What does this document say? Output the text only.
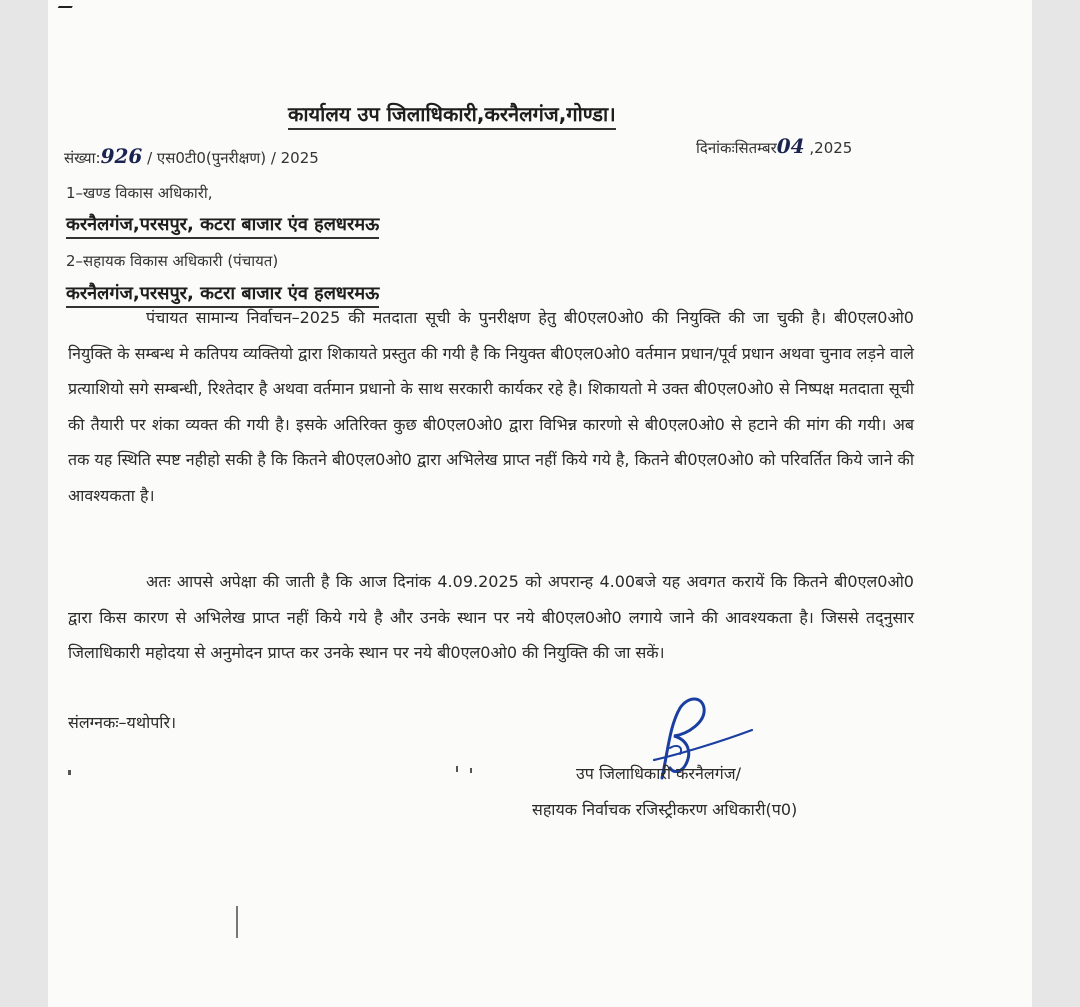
कार्यालय उप जिलाधिकारी,करनैलगंज,गोण्डा।
संख्या:926 / एस0टी0(पुनरीक्षण) / 2025
दिनांकःसितम्बर04 ,2025
1–खण्ड विकास अधिकारी,
करनैलगंज,परसपुर, कटरा बाजार एंव हलधरमऊ
2–सहायक विकास अधिकारी (पंचायत)
करनैलगंज,परसपुर, कटरा बाजार एंव हलधरमऊ

पंचायत सामान्य निर्वाचन–2025 की मतदाता सूची के पुनरीक्षण हेतु बी0एल0ओ0 की नियुक्ति की जा चुकी है। बी0एल0ओ0 नियुक्ति के सम्बन्ध मे कतिपय व्यक्तियो द्वारा शिकायते प्रस्तुत की गयी है कि नियुक्त बी0एल0ओ0 वर्तमान प्रधान/पूर्व प्रधान अथवा चुनाव लड़ने वाले प्रत्याशियो सगे सम्बन्धी, रिश्तेदार है अथवा वर्तमान प्रधानो के साथ सरकारी कार्यकर रहे है। शिकायतो मे उक्त बी0एल0ओ0 से निष्पक्ष मतदाता सूची की तैयारी पर शंका व्यक्त की गयी है। इसके अतिरिक्त कुछ बी0एल0ओ0 द्वारा विभिन्न कारणो से बी0एल0ओ0 से हटाने की मांग की गयी। अब तक यह स्थिति स्पष्ट नहीहो सकी है कि कितने बी0एल0ओ0 द्वारा अभिलेख प्राप्त नहीं किये गये है, कितने बी0एल0ओ0 को परिवर्तित किये जाने की आवश्यकता है।

अतः आपसे अपेक्षा की जाती है कि आज दिनांक 4.09.2025 को अपरान्ह 4.00बजे यह अवगत करायें कि कितने बी0एल0ओ0 द्वारा किस कारण से अभिलेख प्राप्त नहीं किये गये है और उनके स्थान पर नये बी0एल0ओ0 लगाये जाने की आवश्यकता है। जिससे तद्नुसार जिलाधिकारी महोदया से अनुमोदन प्राप्त कर उनके स्थान पर नये बी0एल0ओ0 की नियुक्ति की जा सकें।

संलग्नकः–यथोपरि।
उप जिलाधिकारी करनैलगंज/
सहायक निर्वाचक रजिस्ट्रीकरण अधिकारी(प0)
